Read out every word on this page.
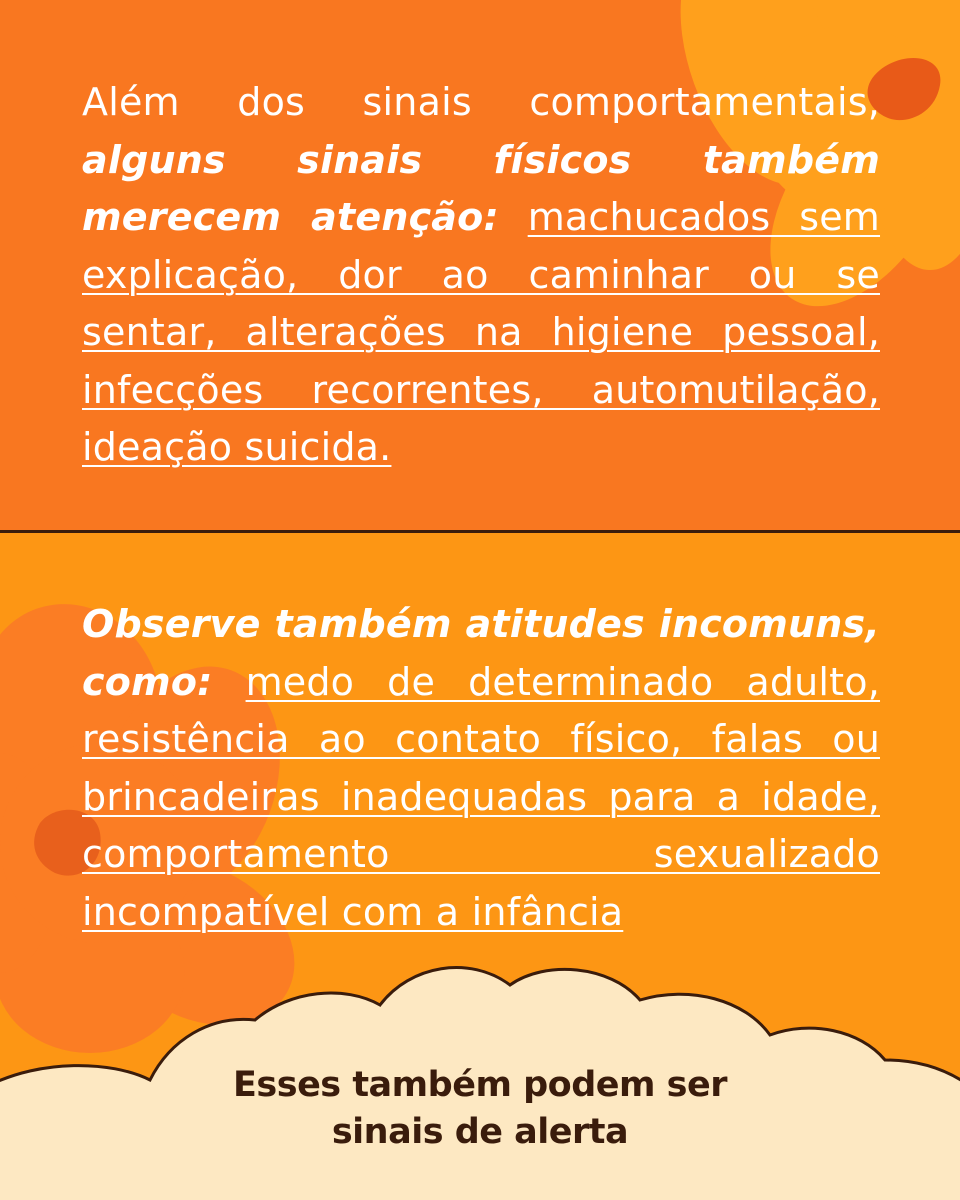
Além dos sinais comportamentais, alguns sinais físicos também merecem atenção: machucados sem explicação, dor ao caminhar ou se sentar, alterações na higiene pessoal, infecções recorrentes, automutilação, ideação suicida.
Observe também atitudes incomuns, como: medo de determinado adulto, resistência ao contato físico, falas ou brincadeiras inadequadas para a idade, comportamento sexualizado incompatível com a infância
Esses também podem ser
sinais de alerta
